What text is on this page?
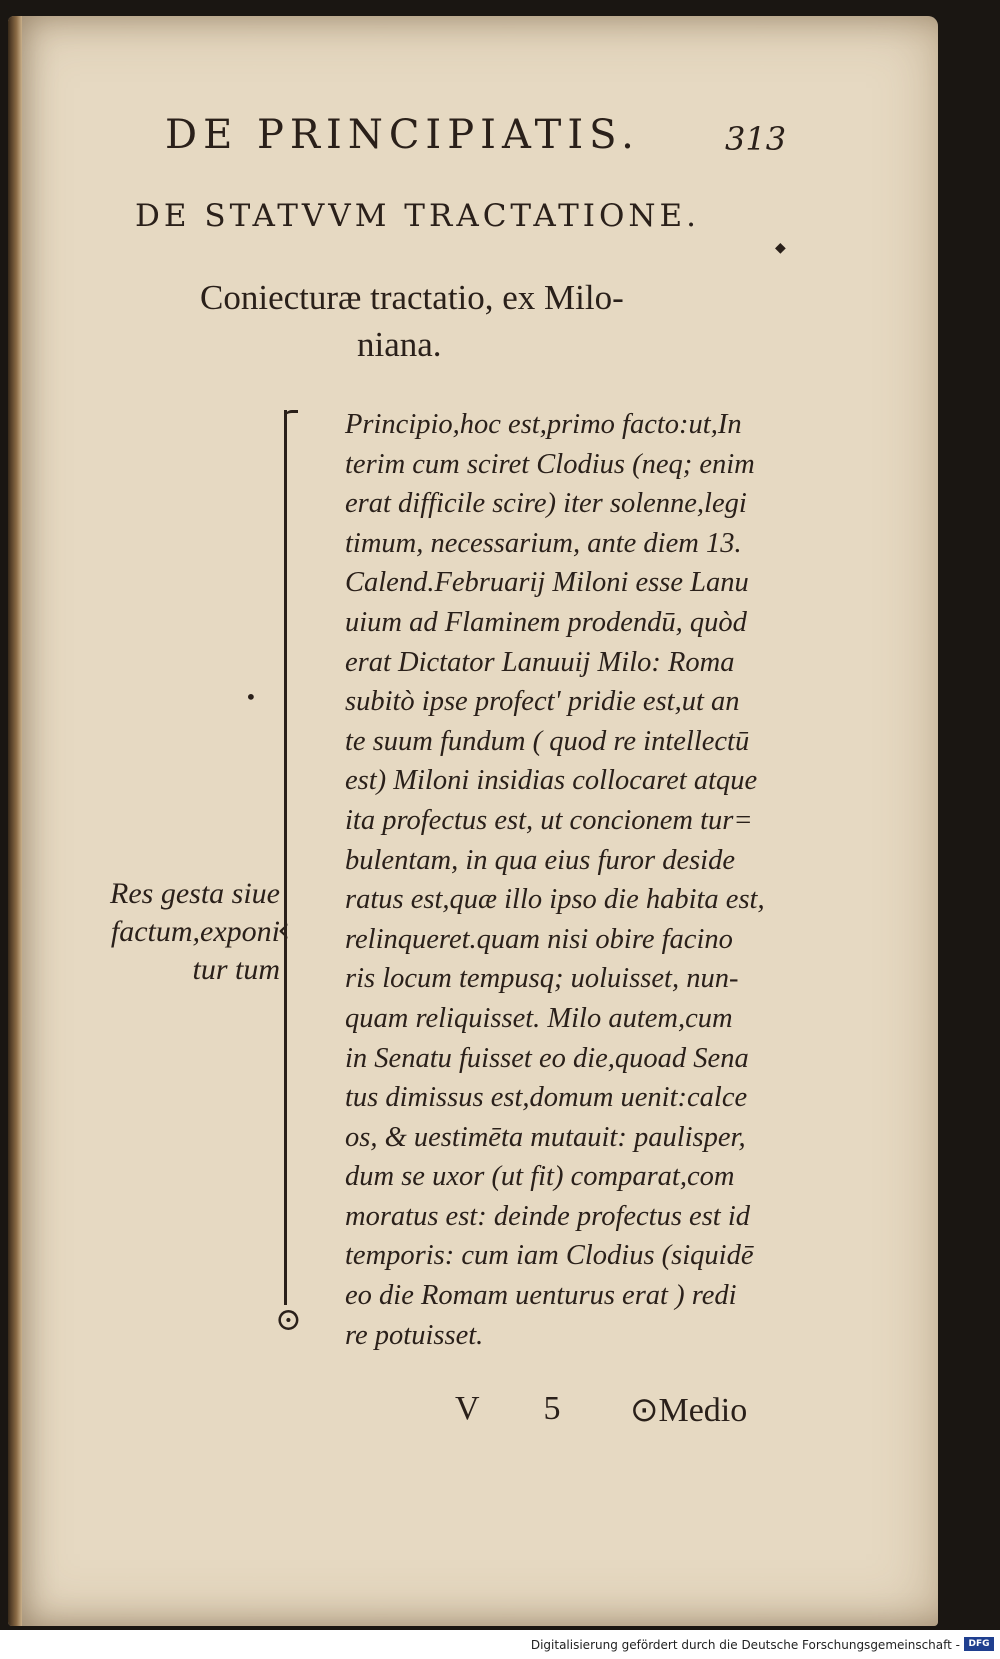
DE PRINCIPIATIS.	313
DE STATVVM TRACTATIONE.
◆
Coniecturæ tractatio, ex Milo-
niana.
Res gesta siue
factum,exponi
tur tum
‹
•
⊙
Principio,hoc est,primo facto:ut,In
terim cum sciret Clodius (neq; enim
erat difficile scire) iter solenne,legi
timum, necessarium, ante diem 13.
Calend.Februarij Miloni esse Lanu
uium ad Flaminem prodendū, quòd
erat Dictator Lanuuij Milo: Roma
subitò ipse profect' pridie est,ut an
te suum fundum ( quod re intellectū
est) Miloni insidias collocaret atque
ita profectus est, ut concionem tur=
bulentam, in qua eius furor deside
ratus est,quæ illo ipso die habita est,
relinqueret.quam nisi obire facino
ris locum tempusq; uoluisset, nun-
quam reliquisset. Milo autem,cum
in Senatu fuisset eo die,quoad Sena
tus dimissus est,domum uenit:calce
os, & uestimēta mutauit: paulisper,
dum se uxor (ut fit) comparat,com
moratus est: deinde profectus est id
temporis: cum iam Clodius (siquidē
eo die Romam uenturus erat ) redi
re potuisset.
V 5 ⊙Medio
Digitalisierung gefördert durch die Deutsche Forschungsgemeinschaft - DFG
